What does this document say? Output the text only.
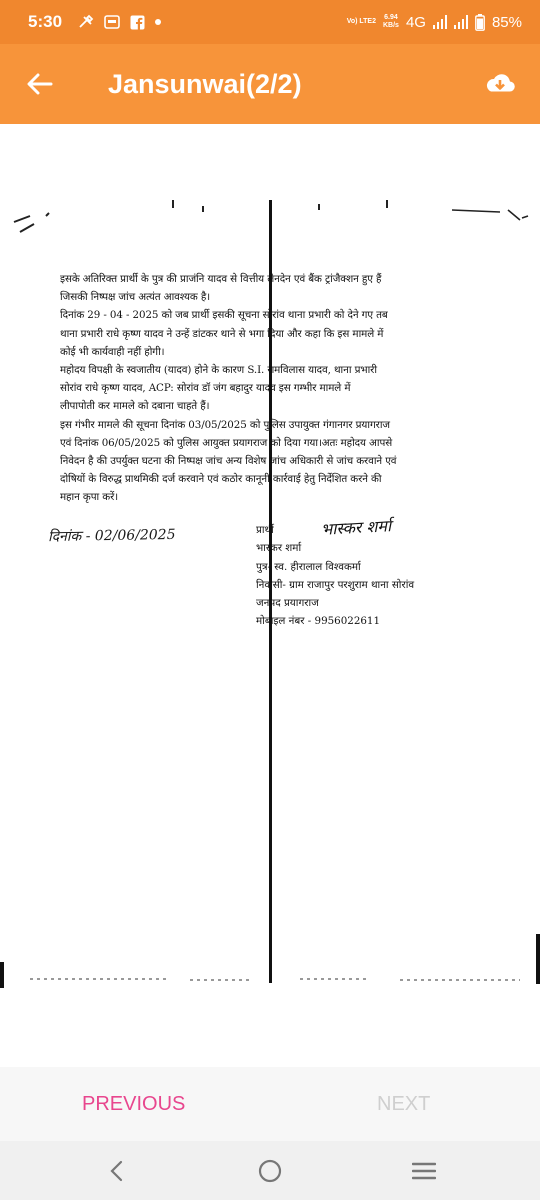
5:30	Vo) LTE2
6.94
KB/s 4G	85%
Jansunwai(2/2)

इसके अतिरिक्त प्रार्थी के पुत्र की प्राजंनि यादव से वित्तीय लेनदेन एवं बैंक ट्रांजैक्शन हुए हैं

जिसकी निष्पक्ष जांच अत्यंत आवश्यक है।

दिनांक 29 - 04 - 2025 को जब प्रार्थी इसकी सूचना सोरांव थाना प्रभारी को देने गए तब

थाना प्रभारी राधे कृष्ण यादव ने उन्हें डांटकर थाने से भगा दिया और कहा कि इस मामले में

कोई भी कार्यवाही नहीं होगी।

महोदय विपक्षी के स्वजातीय (यादव) होने के कारण S.I. रामविलास यादव, थाना प्रभारी

सोरांव राधे कृष्ण यादव, ACP: सोरांव डॉ जंग बहादुर यादव इस गम्भीर मामले में

लीपापोती कर मामले को दबाना चाहते हैं।

इस गंभीर मामले की सूचना दिनांक 03/05/2025 को पुलिस उपायुक्त गंगानगर प्रयागराज

एवं दिनांक 06/05/2025 को पुलिस आयुक्त प्रयागराज को दिया गया।अतः महोदय आपसे

निवेदन है की उपर्युक्त घटना की निष्पक्ष जांच अन्य विशेष जांच अधिकारी से जांच करवाने एवं

दोषियों के विरुद्ध प्राथमिकी दर्ज करवाने एवं कठोर कानूनी कार्रवाई हेतु निर्देशित करने की

महान कृपा करें।

दिनांक - 02/06/2025	प्रार्थी	भास्कर शर्मा
भास्कर शर्मा
पुत्र- स्व. हीरालाल विश्वकर्मा
निवासी- ग्राम राजापुर परशुराम थाना सोरांव
जनपद प्रयागराज
मोबाइल नंबर - 9956022611
PREVIOUS	NEXT
